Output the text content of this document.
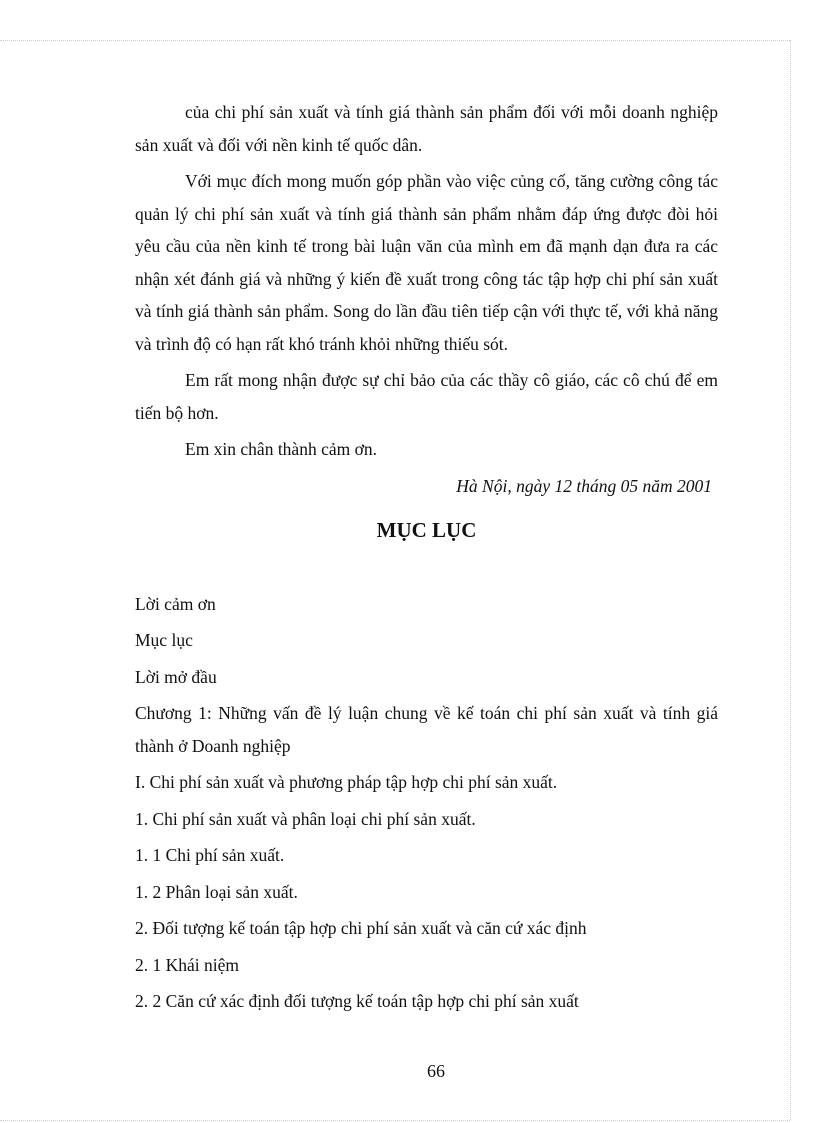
của chi phí sản xuất và tính giá thành sản phẩm đối với mỗi doanh nghiệp sản xuất và đối với nền kinh tế quốc dân.

Với mục đích mong muốn góp phần vào việc củng cố, tăng cường công tác quản lý chi phí sản xuất và tính giá thành sản phẩm nhằm đáp ứng được đòi hỏi yêu cầu của nền kinh tế trong bài luận văn của mình em đã mạnh dạn đưa ra các nhận xét đánh giá và những ý kiến đề xuất trong công tác tập hợp chi phí sản xuất và tính giá thành sản phẩm. Song do lần đầu tiên tiếp cận với thực tế, với khả năng và trình độ có hạn rất khó tránh khỏi những thiếu sót.

Em rất mong nhận được sự chỉ bảo của các thầy cô giáo, các cô chú để em tiến bộ hơn.

Em xin chân thành cảm ơn.

Hà Nội, ngày 12 tháng 05 năm 2001

MỤC LỤC
Lời cảm ơn
Mục lục
Lời mở đầu
Chương 1: Những vấn đề lý luận chung về kế toán chi phí sản xuất và tính giá thành ở Doanh nghiệp
I. Chi phí sản xuất và phương pháp tập hợp chi phí sản xuất.
1. Chi phí sản xuất và phân loại chi phí sản xuất.
1. 1 Chi phí sản xuất.
1. 2 Phân loại sản xuất.
2. Đối tượng kế toán tập hợp chi phí sản xuất và căn cứ xác định
2. 1 Khái niệm
2. 2 Căn cứ xác định đối tượng kế toán tập hợp chi phí sản xuất
66
